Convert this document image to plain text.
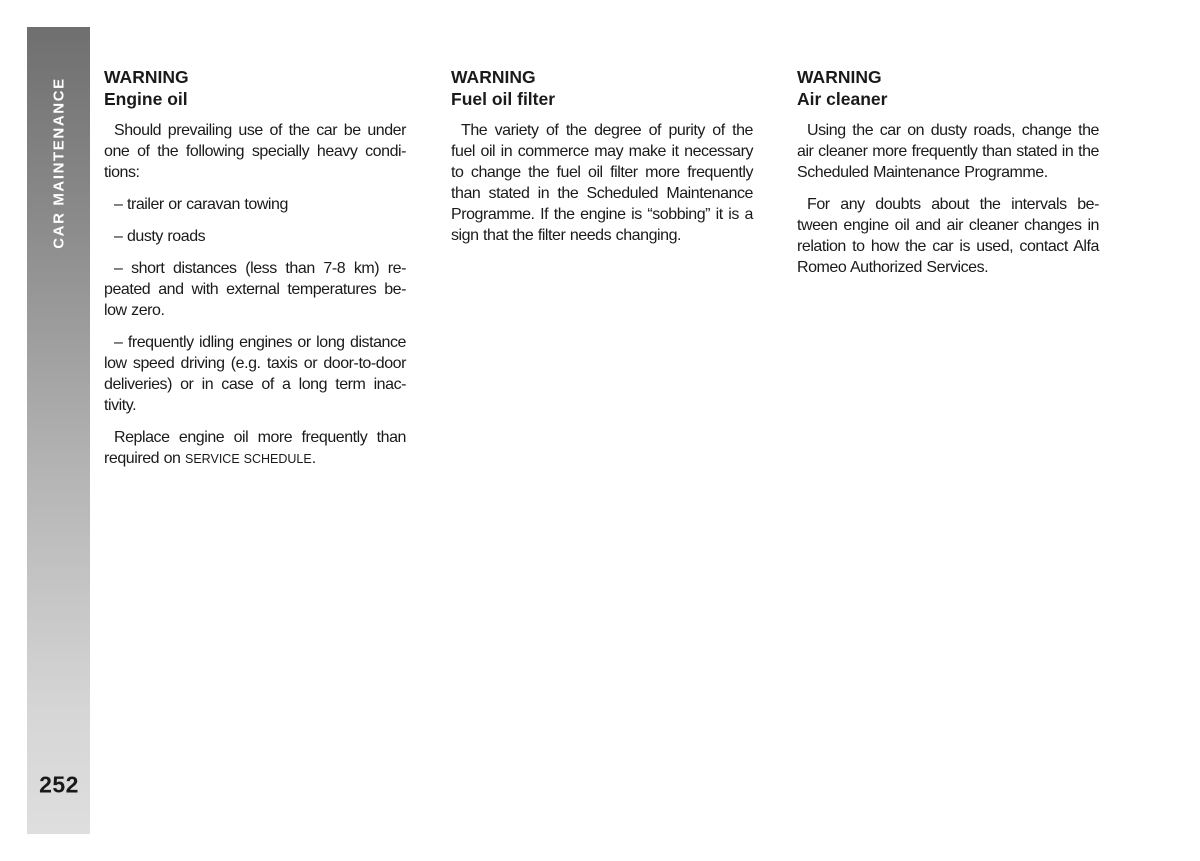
CAR MAINTENANCE
252
WARNING
Engine oil

Should prevailing use of the car be under one of the following specially heavy condi-tions:

– trailer or caravan towing

– dusty roads

– short distances (less than 7-8 km) re-peated and with external temperatures be-low zero.

– frequently idling engines or long distance low speed driving (e.g. taxis or door-to-door deliveries) or in case of a long term inac-tivity.

Replace engine oil more frequently than required on SERVICE SCHEDULE.

WARNING
Fuel oil filter

The variety of the degree of purity of the fuel oil in commerce may make it necessary to change the fuel oil filter more frequently than stated in the Scheduled Maintenance Programme. If the engine is “sobbing” it is a sign that the filter needs changing.

WARNING
Air cleaner

Using the car on dusty roads, change the air cleaner more frequently than stated in the Scheduled Maintenance Programme.

For any doubts about the intervals be-tween engine oil and air cleaner changes in relation to how the car is used, contact Alfa Romeo Authorized Services.
